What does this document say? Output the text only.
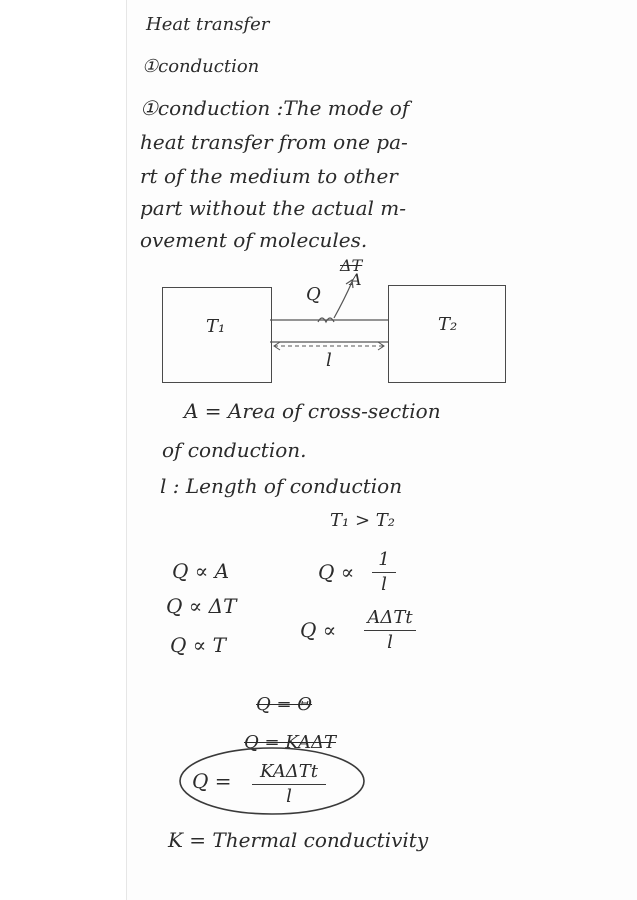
Heat transfer

①conduction

①conduction :The mode of

heat transfer from one pa-

rt of the medium to other

part without the actual m-

ovement of molecules.

T₁	T₂

Q

ΔT

A

l

A = Area of cross-section

of conduction.

l : Length of conduction

T₁ > T₂

Q ∝ A

Q ∝ ΔT

Q ∝ T

Q ∝

1
l

Q ∝

AΔTt
l

Q = Θ

Q = KAΔT

Q = KAΔTt
l

K = Thermal conductivity
